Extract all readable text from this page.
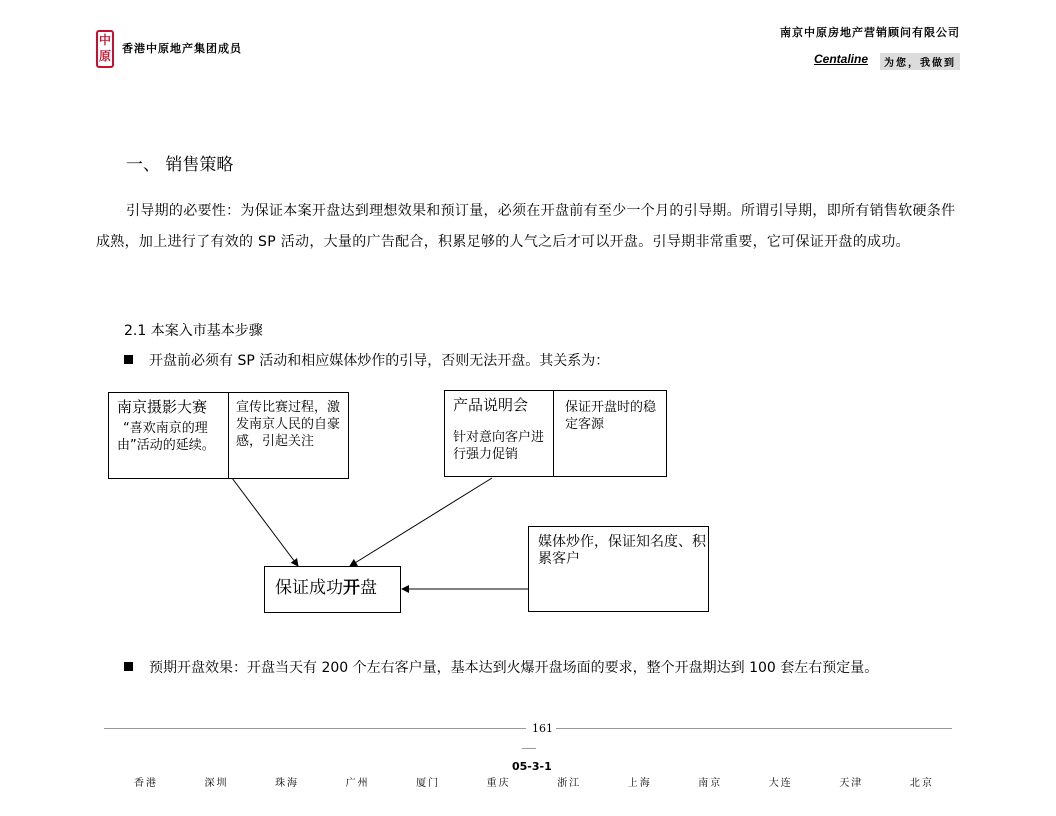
中
原
香港中原地产集团成员
南京中原房地产营销顾问有限公司
Centaline	为您，我做到
一、 销售策略
引导期的必要性：为保证本案开盘达到理想效果和预订量，必须在开盘前有至少一个月的引导期。所谓引导期，即所有销售软硬条件成熟，加上进行了有效的 SP 活动，大量的广告配合，积累足够的人气之后才可以开盘。引导期非常重要，它可保证开盘的成功。
2.1 本案入市基本步骤
开盘前必须有 SP 活动和相应媒体炒作的引导，否则无法开盘。其关系为：
南京摄影大赛
“喜欢南京的理
由”活动的延续。
宣传比赛过程，激发南京人民的自豪感，引起关注
产品说明会
针对意向客户进行强力促销
保证开盘时的稳定客源
媒体炒作，保证知名度、积累客户
保证成功开盘
预期开盘效果：开盘当天有 200 个左右客户量，基本达到火爆开盘场面的要求，整个开盘期达到 100 套左右预定量。
161
05-3-1
香港	深圳	珠海	广州	厦门	重庆	浙江	上海	南京	大连	天津	北京
